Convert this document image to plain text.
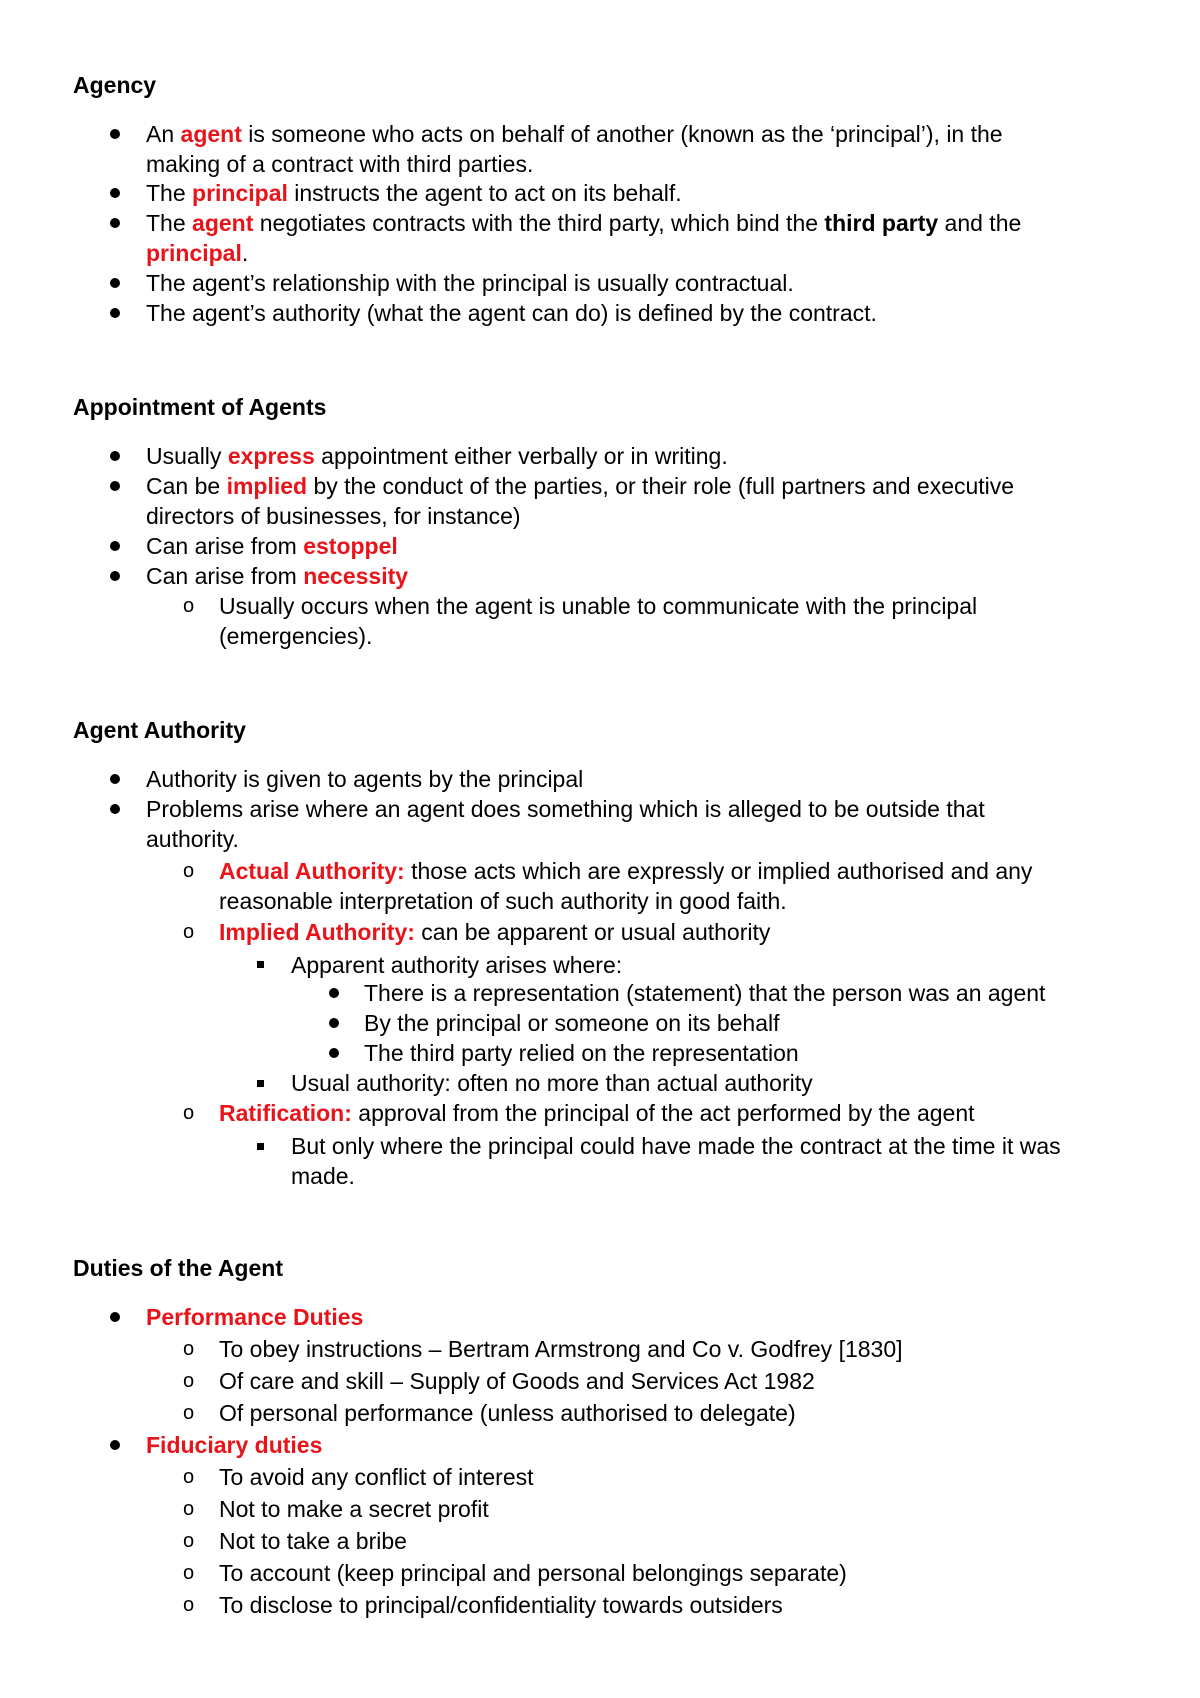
Agency

An agent is someone who acts on behalf of another (known as the ‘principal’), in the
making of a contract with third parties.

The principal instructs the agent to act on its behalf.

The agent negotiates contracts with the third party, which bind the third party and the
principal.

The agent’s relationship with the principal is usually contractual.

The agent’s authority (what the agent can do) is defined by the contract.

Appointment of Agents

Usually express appointment either verbally or in writing.

Can be implied by the conduct of the parties, or their role (full partners and executive
directors of businesses, for instance)

Can arise from estoppel

Can arise from necessity

o Usually occurs when the agent is unable to communicate with the principal
(emergencies).

Agent Authority

Authority is given to agents by the principal

Problems arise where an agent does something which is alleged to be outside that
authority.

o Actual Authority: those acts which are expressly or implied authorised and any
reasonable interpretation of such authority in good faith.

o Implied Authority: can be apparent or usual authority

Apparent authority arises where:

There is a representation (statement) that the person was an agent

By the principal or someone on its behalf

The third party relied on the representation

Usual authority: often no more than actual authority

o Ratification: approval from the principal of the act performed by the agent

But only where the principal could have made the contract at the time it was
made.

Duties of the Agent

Performance Duties

o To obey instructions – Bertram Armstrong and Co v. Godfrey [1830]

o Of care and skill – Supply of Goods and Services Act 1982

o Of personal performance (unless authorised to delegate)

Fiduciary duties

o To avoid any conflict of interest

o Not to make a secret profit

o Not to take a bribe

o To account (keep principal and personal belongings separate)

o To disclose to principal/confidentiality towards outsiders
